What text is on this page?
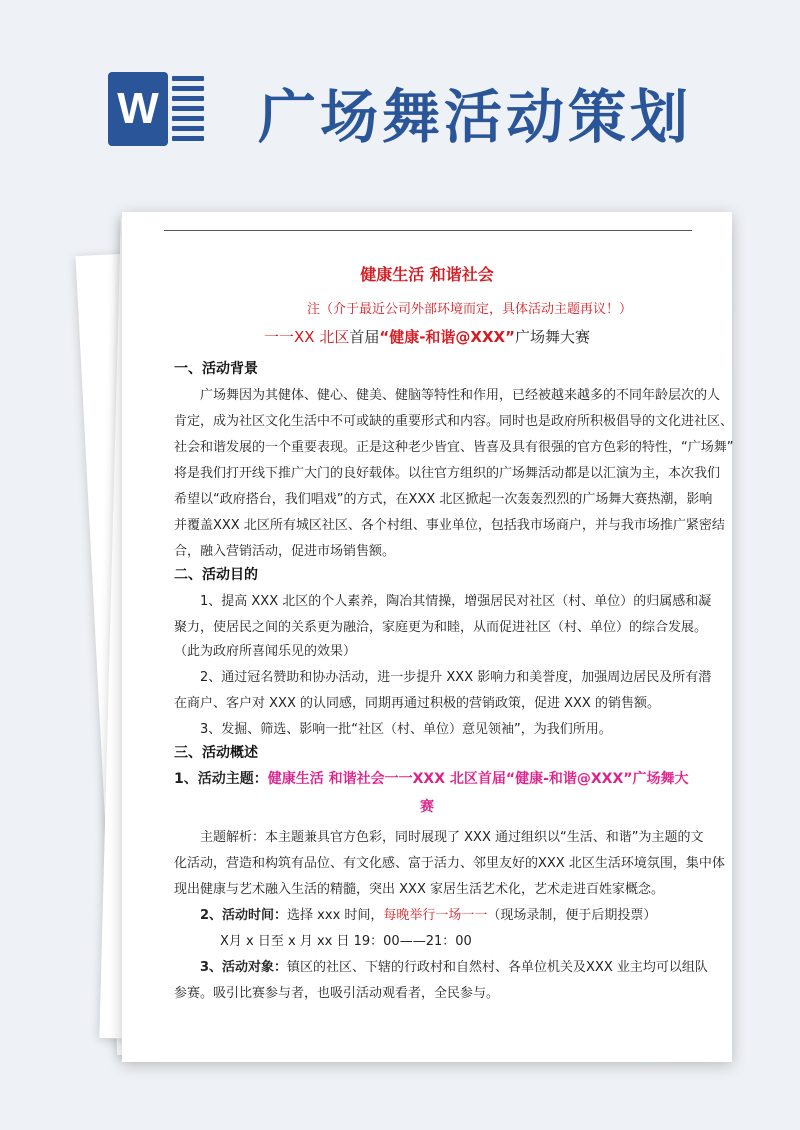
W 广场舞活动策划
健康生活 和谐社会
注（介于最近公司外部环境而定，具体活动主题再议！）
一一XX 北区首届“健康-和谐@XXX”广场舞大赛
一、活动背景
广场舞因为其健体、健心、健美、健脑等特性和作用，已经被越来越多的不同年龄层次的人
肯定，成为社区文化生活中不可或缺的重要形式和内容。同时也是政府所积极倡导的文化进社区、
社会和谐发展的一个重要表现。正是这种老少皆宜、皆喜及具有很强的官方色彩的特性，“广场舞”
将是我们打开线下推广大门的良好载体。以往官方组织的广场舞活动都是以汇演为主，本次我们
希望以“政府搭台，我们唱戏”的方式，在XXX 北区掀起一次轰轰烈烈的广场舞大赛热潮，影响
并覆盖XXX 北区所有城区社区、各个村组、事业单位，包括我市场商户，并与我市场推广紧密结
合，融入营销活动，促进市场销售额。
二、活动目的
1、提高 XXX 北区的个人素养，陶冶其情操，增强居民对社区（村、单位）的归属感和凝
聚力，使居民之间的关系更为融洽，家庭更为和睦，从而促进社区（村、单位）的综合发展。
（此为政府所喜闻乐见的效果）
2、通过冠名赞助和协办活动，进一步提升 XXX 影响力和美誉度，加强周边居民及所有潜
在商户、客户对 XXX 的认同感，同期再通过积极的营销政策，促进 XXX 的销售额。
3、发掘、筛选、影响一批“社区（村、单位）意见领袖”，为我们所用。
三、活动概述
1、活动主题：健康生活 和谐社会一一XXX 北区首届“健康-和谐@XXX”广场舞大
赛
主题解析：本主题兼具官方色彩，同时展现了 XXX 通过组织以“生活、和谐”为主题的文
化活动，营造和构筑有品位、有文化感、富于活力、邻里友好的XXX 北区生活环境氛围，集中体
现出健康与艺术融入生活的精髓，突出 XXX 家居生活艺术化，艺术走进百姓家概念。
2、活动时间：选择 xxx 时间，每晚举行一场一一（现场录制，便于后期投票）
X月 x 日至 x 月 xx 日 19：00——21：00
3、活动对象：镇区的社区、下辖的行政村和自然村、各单位机关及XXX 业主均可以组队
参赛。吸引比赛参与者，也吸引活动观看者，全民参与。
